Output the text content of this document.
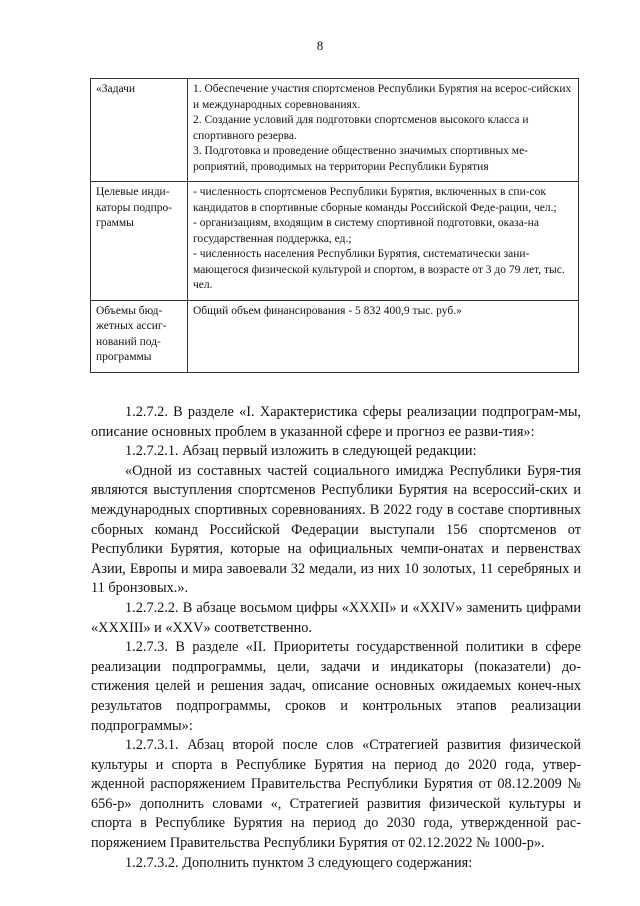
8
«Задачи	1. Обеспечение участия спортсменов Республики Бурятия на всерос-сийских и международных соревнованиях.
2. Создание условий для подготовки спортсменов высокого класса и спортивного резерва.
3. Подготовка и проведение общественно значимых спортивных ме-роприятий, проводимых на территории Республики Бурятия

Целевые инди-каторы подпро-граммы	- численность спортсменов Республики Бурятия, включенных в спи-сок кандидатов в спортивные сборные команды Российской Феде-рации, чел.;
- организациям, входящим в систему спортивной подготовки, оказа-на государственная поддержка, ед.;
- численность населения Республики Бурятия, систематически зани-мающегося физической культурой и спортом, в возрасте от 3 до 79 лет, тыс. чел.

Объемы бюд-жетных ассиг-нований под-программы	Общий объем финансирования - 5 832 400,9 тыс. руб.»

1.2.7.2. В разделе «I. Характеристика сферы реализации подпрограм-мы, описание основных проблем в указанной сфере и прогноз ее разви-тия»:

1.2.7.2.1. Абзац первый изложить в следующей редакции:

«Одной из составных частей социального имиджа Республики Буря-тия являются выступления спортсменов Республики Бурятия на всероссий-ских и международных спортивных соревнованиях. В 2022 году в составе спортивных сборных команд Российской Федерации выступали 156 спортсменов от Республики Бурятия, которые на официальных чемпи-онатах и первенствах Азии, Европы и мира завоевали 32 медали, из них 10 золотых, 11 серебряных и 11 бронзовых.».

1.2.7.2.2. В абзаце восьмом цифры «XXXII» и «XXIV» заменить цифрами «XXXIII» и «XXV» соответственно.

1.2.7.3. В разделе «II. Приоритеты государственной политики в сфере реализации подпрограммы, цели, задачи и индикаторы (показатели) до-стижения целей и решения задач, описание основных ожидаемых конеч-ных результатов подпрограммы, сроков и контрольных этапов реализации подпрограммы»:

1.2.7.3.1. Абзац второй после слов «Стратегией развития физической культуры и спорта в Республике Бурятия на период до 2020 года, утвер-жденной распоряжением Правительства Республики Бурятия от 08.12.2009 № 656-р» дополнить словами «, Стратегией развития физической культуры и спорта в Республике Бурятия на период до 2030 года, утвержденной рас-поряжением Правительства Республики Бурятия от 02.12.2022 № 1000-р».

1.2.7.3.2. Дополнить пунктом 3 следующего содержания:
